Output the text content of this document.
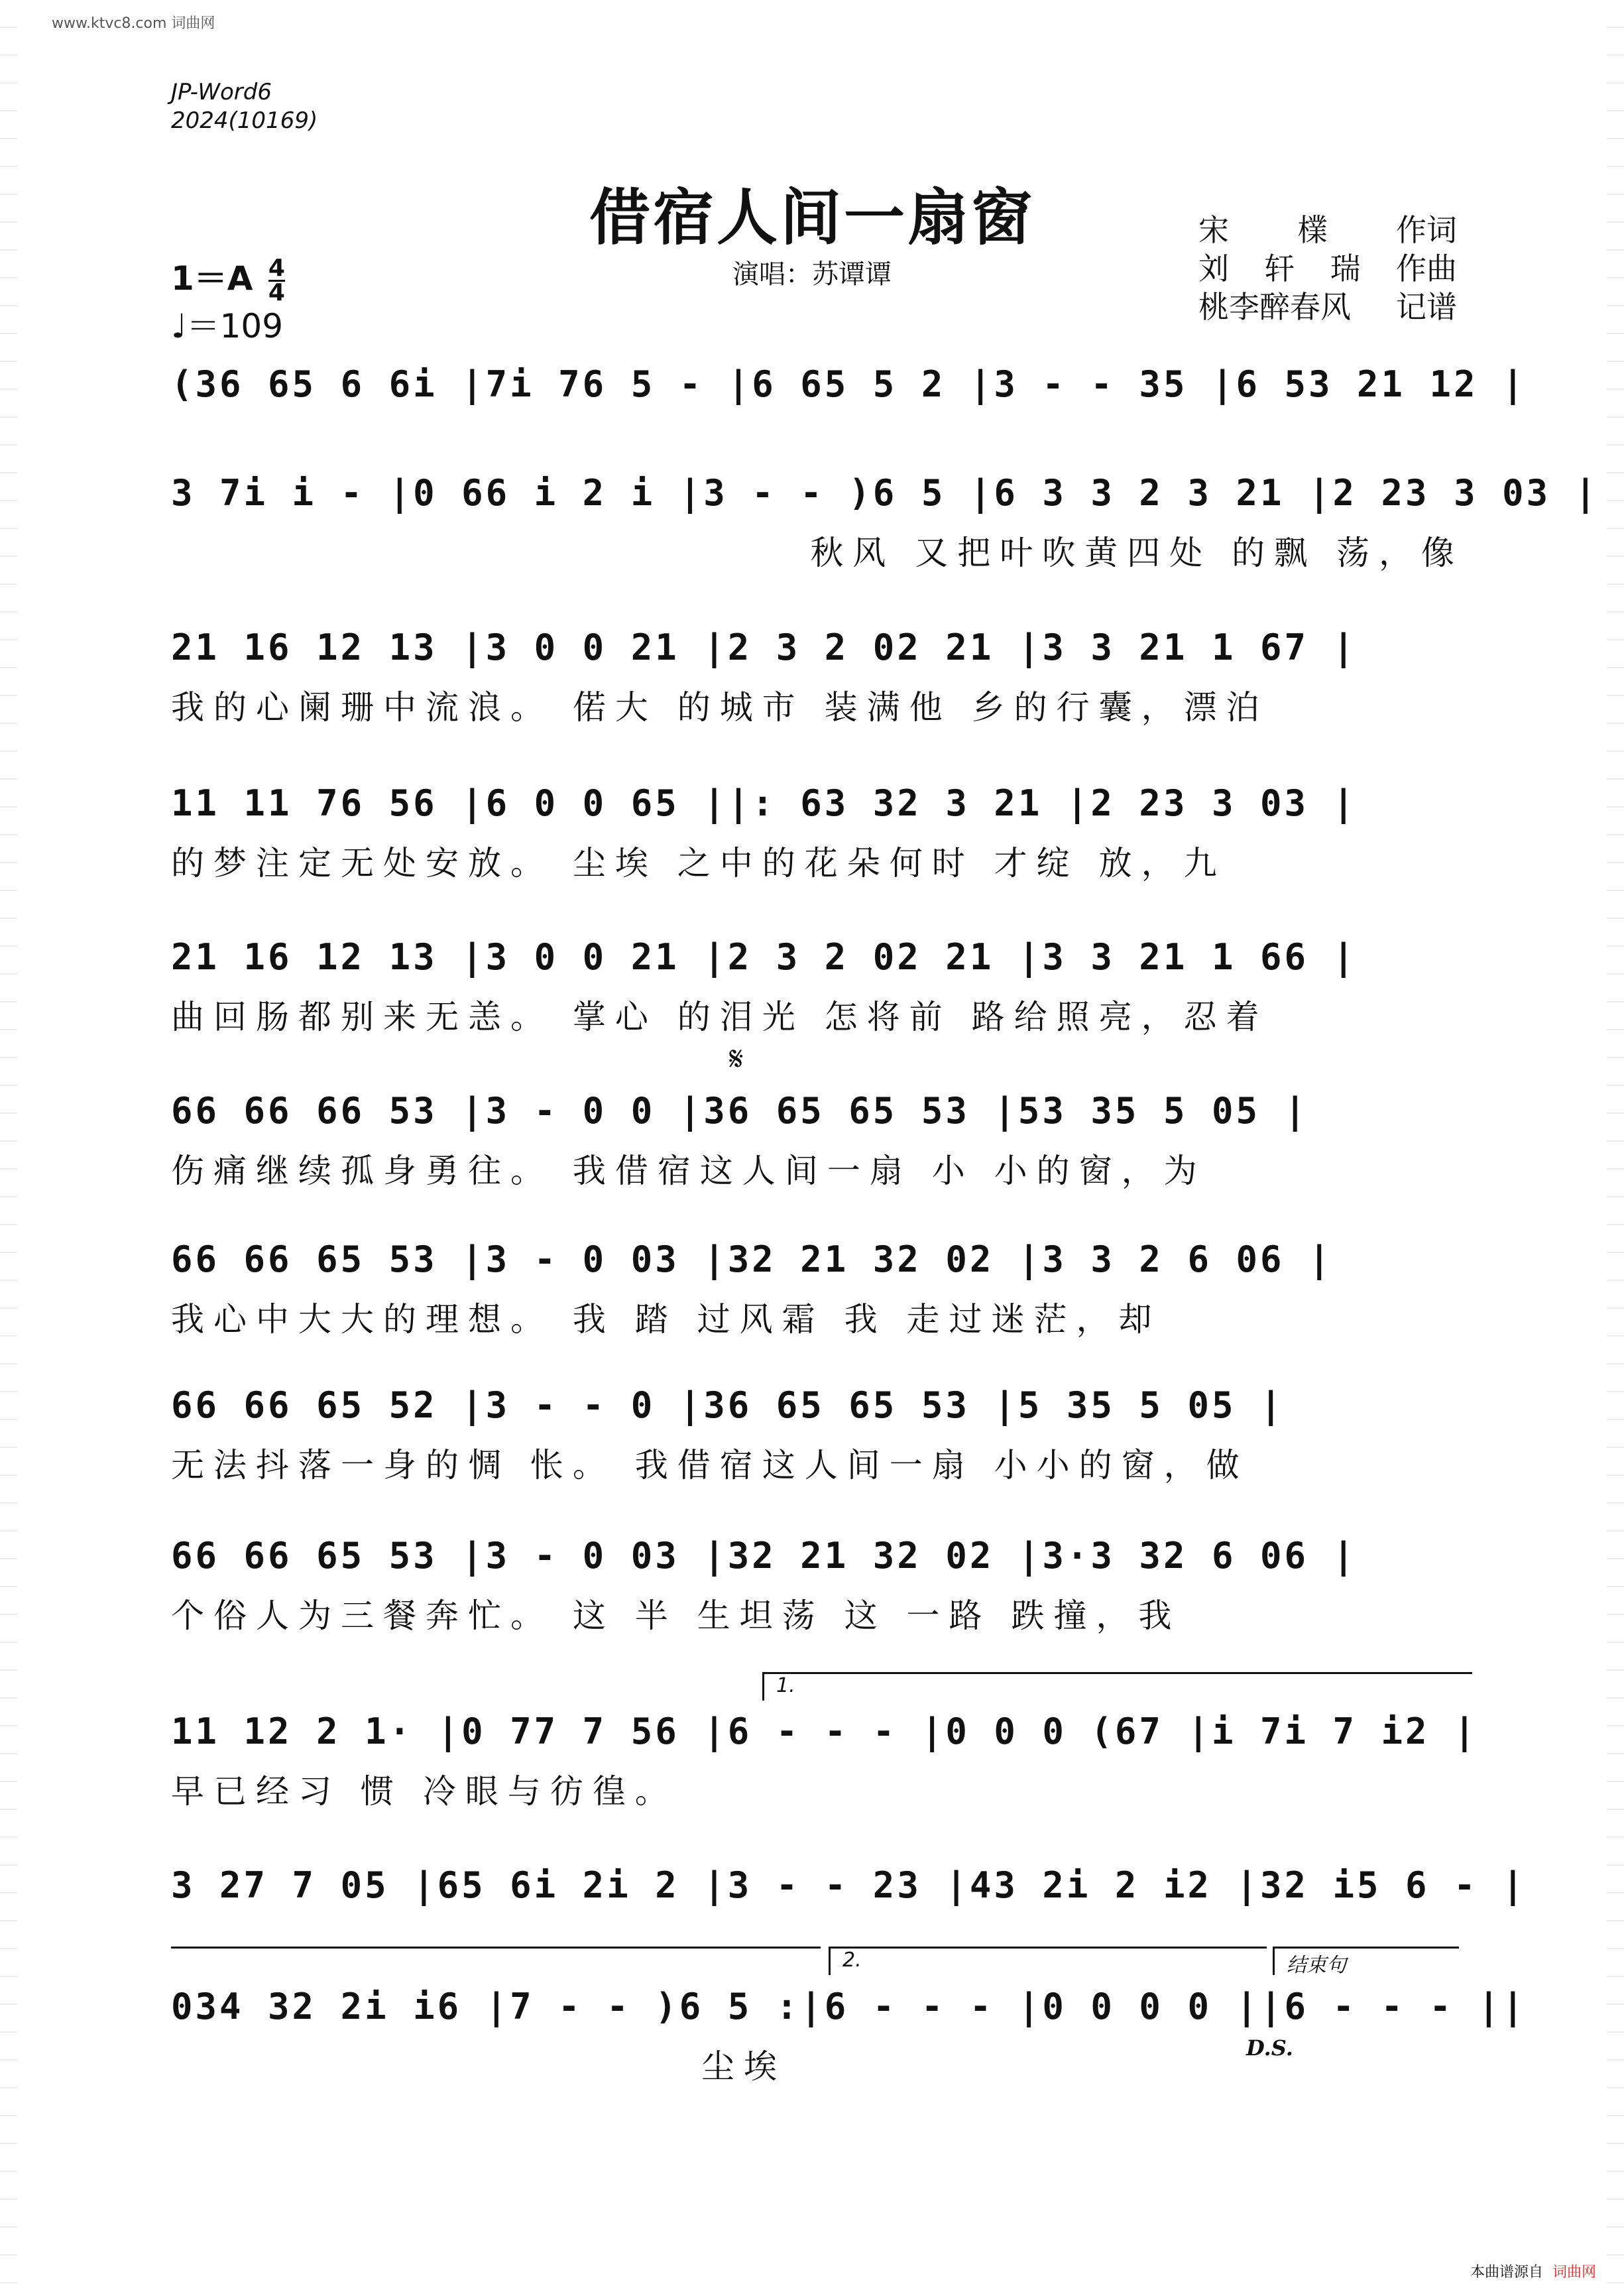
www.ktvc8.com 词曲网
JP-Word6
2024(10169)
借宿人间一扇窗
演唱：苏谭谭
宋 檏 作词
刘 轩 瑞 作曲
桃李醉春风 记谱
$1=A \frac{4}{4}$
♩＝109
(36 65 6 6i |7i 76 5 - |6 65 5 2 |3 - - 35 |6 53 21 12 |
3 7i i - |0 66 i 2 i |3 - - )6 5 |6 3 3 2 3 21 |2 23 3 03 |
秋风 又把叶吹黄四处 的飘 荡，像
21 16 12 13 |3 0 0 21 |2 3 2 02 21 |3 3 21 1 67 |
我的心阑珊中流浪。 偌大 的城市 装满他 乡的行囊，漂泊
11 11 76 56 |6 0 0 65 ||: 63 32 3 21 |2 23 3 03 |
的梦注定无处安放。 尘埃 之中的花朵何时 才绽 放，九
21 16 12 13 |3 0 0 21 |2 3 2 02 21 |3 3 21 1 66 |
曲回肠都别来无恙。 掌心 的泪光 怎将前 路给照亮，忍着
𝄋
66 66 66 53 |3 - 0 0 |36 65 65 53 |53 35 5 05 |
伤痛继续孤身勇往。 我借宿这人间一扇 小 小的窗，为
66 66 65 53 |3 - 0 03 |32 21 32 02 |3 3 2 6 06 |
我心中大大的理想。 我 踏 过风霜 我 走过迷茫，却
66 66 65 52 |3 - - 0 |36 65 65 53 |5 35 5 05 |
无法抖落一身的惆 怅。 我借宿这人间一扇 小小的窗，做
66 66 65 53 |3 - 0 03 |32 21 32 02 |3·3 32 6 06 |
个俗人为三餐奔忙。 这 半 生坦荡 这 一路 跌撞，我
1.
11 12 2 1· |0 77 7 56 |6 - - - |0 0 0 (67 |i 7i 7 i2 |
早已经习 惯 冷眼与彷徨。
3 27 7 05 |65 6i 2i 2 |3 - - 23 |43 2i 2 i2 |32 i5 6 - |
2.	结束句
034 32 2i i6 |7 - - )6 5 :|6 - - - |0 0 0 0 ||6 - - - ||
尘埃	D.S.
本曲谱源自 词曲网
